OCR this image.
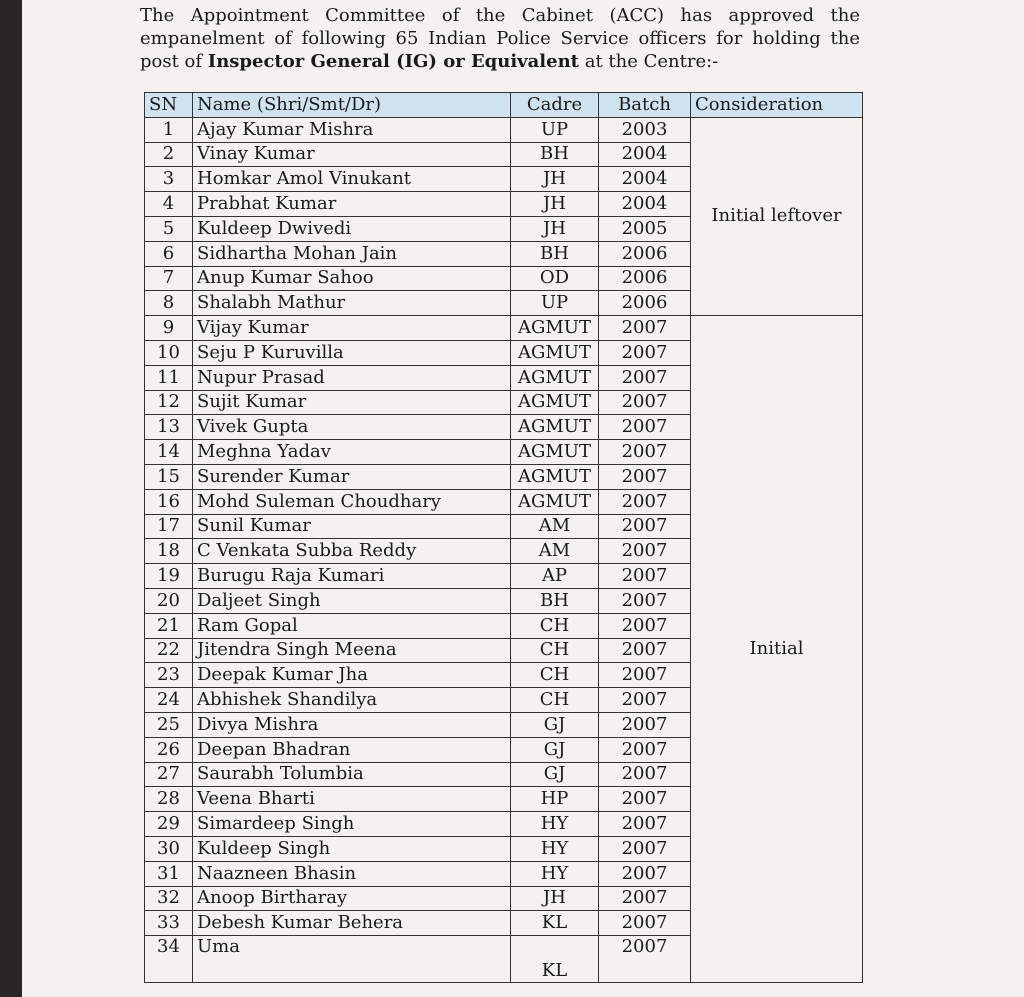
The Appointment Committee of the Cabinet (ACC) has approved the empanelment of following 65 Indian Police Service officers for holding the post of Inspector General (IG) or Equivalent at the Centre:-
SN	Name (Shri/Smt/Dr)	Cadre	Batch	Consideration
1	Ajay Kumar Mishra	UP	2003	Initial leftover
2	Vinay Kumar	BH	2004	
3	Homkar Amol Vinukant	JH	2004	
4	Prabhat Kumar	JH	2004	
5	Kuldeep Dwivedi	JH	2005	
6	Sidhartha Mohan Jain	BH	2006	
7	Anup Kumar Sahoo	OD	2006	
8	Shalabh Mathur	UP	2006	
9	Vijay Kumar	AGMUT	2007	Initial
10	Seju P Kuruvilla	AGMUT	2007	
11	Nupur Prasad	AGMUT	2007	
12	Sujit Kumar	AGMUT	2007	
13	Vivek Gupta	AGMUT	2007	
14	Meghna Yadav	AGMUT	2007	
15	Surender Kumar	AGMUT	2007	
16	Mohd Suleman Choudhary	AGMUT	2007	
17	Sunil Kumar	AM	2007	
18	C Venkata Subba Reddy	AM	2007	
19	Burugu Raja Kumari	AP	2007	
20	Daljeet Singh	BH	2007	
21	Ram Gopal	CH	2007	
22	Jitendra Singh Meena	CH	2007	
23	Deepak Kumar Jha	CH	2007	
24	Abhishek Shandilya	CH	2007	
25	Divya Mishra	GJ	2007	
26	Deepan Bhadran	GJ	2007	
27	Saurabh Tolumbia	GJ	2007	
28	Veena Bharti	HP	2007	
29	Simardeep Singh	HY	2007	
30	Kuldeep Singh	HY	2007	
31	Naazneen Bhasin	HY	2007	
32	Anoop Birtharay	JH	2007	
33	Debesh Kumar Behera	KL	2007	
34	Uma	KL	2007	
